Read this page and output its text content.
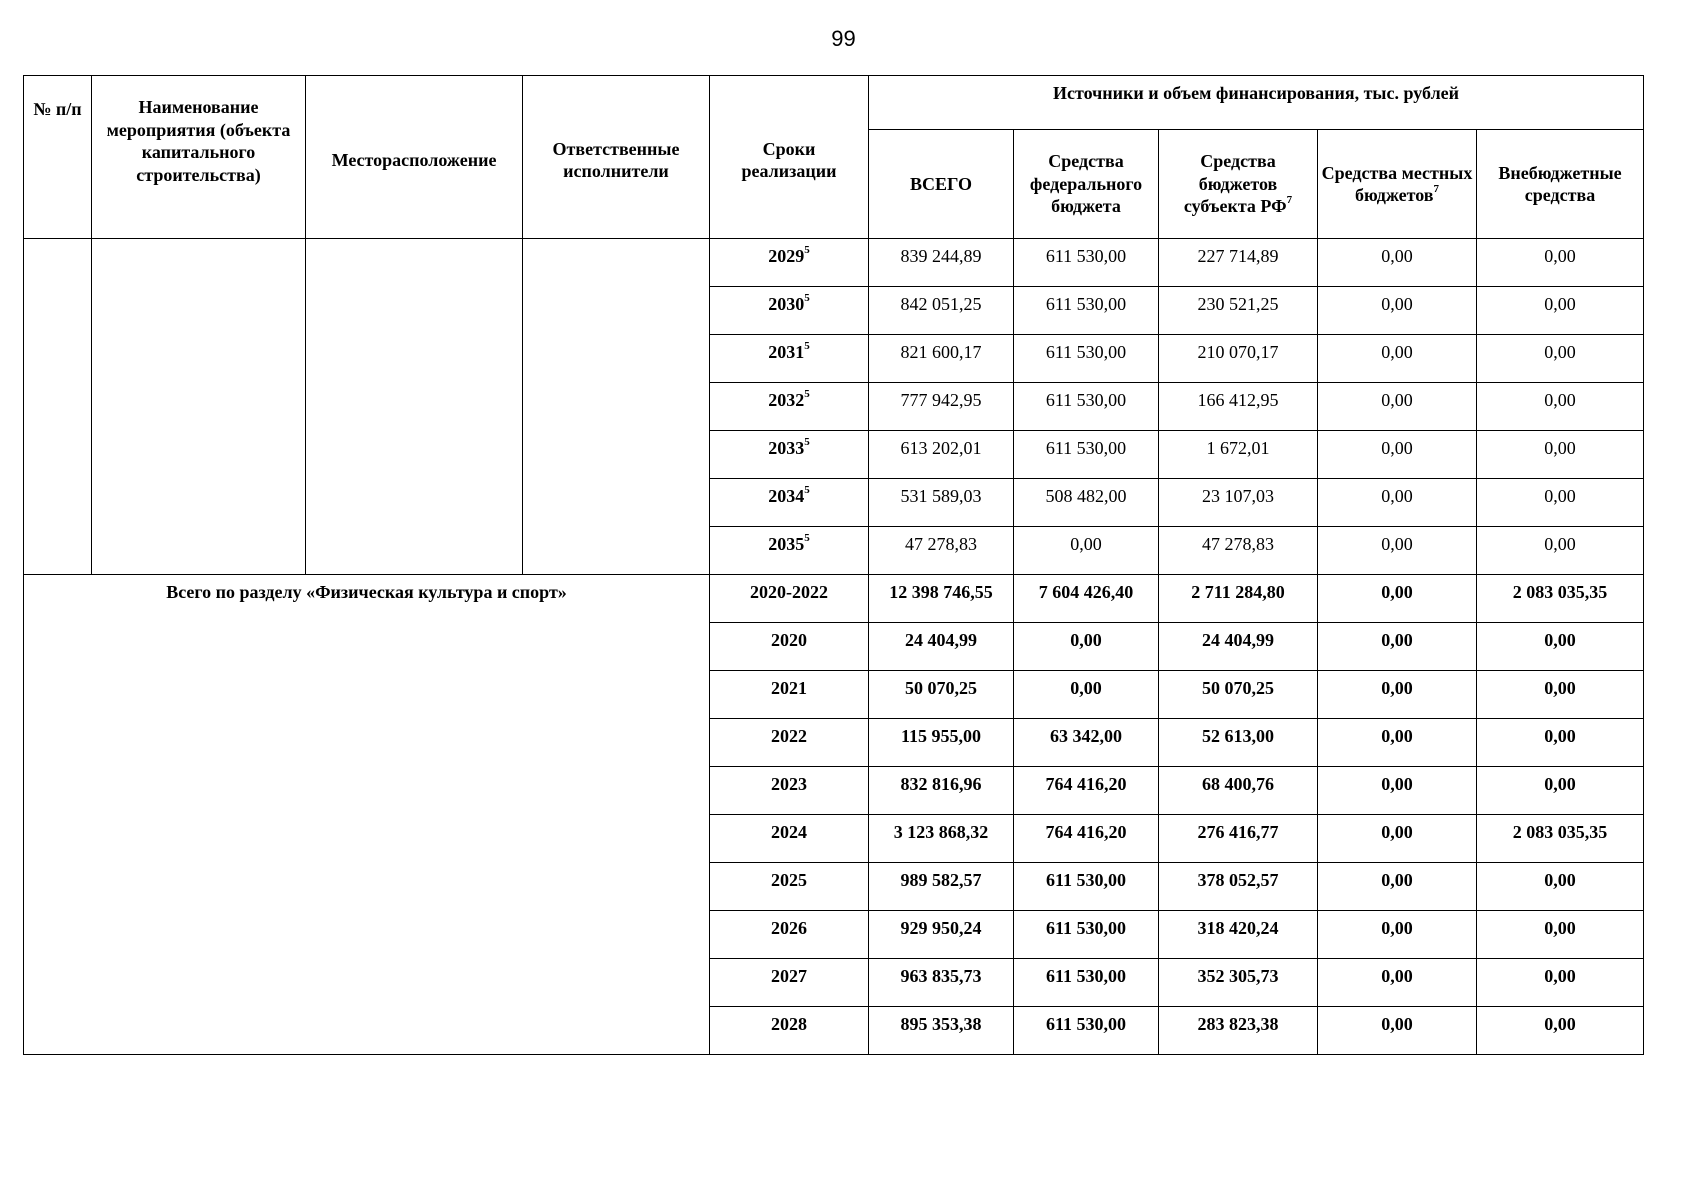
99
№ п/п	Наименование мероприятия (объекта капитального строительства)	Месторасположение	Ответственные исполнители	Сроки реализации	Источники и объем финансирования, тыс. рублей				
					ВСЕГО	Средства федерального бюджета	Средства бюджетов субъекта $РФ^7$	Средства местных бюджетов$^7$	Внебюджетные средства
				2029$^5$	839 244,89	611 530,00	227 714,89	0,00	0,00
				2030$^5$	842 051,25	611 530,00	230 521,25	0,00	0,00
				2031$^5$	821 600,17	611 530,00	210 070,17	0,00	0,00
				2032$^5$	777 942,95	611 530,00	166 412,95	0,00	0,00
				2033$^5$	613 202,01	611 530,00	1 672,01	0,00	0,00
				2034$^5$	531 589,03	508 482,00	23 107,03	0,00	0,00
				2035$^5$	47 278,83	0,00	47 278,83	0,00	0,00
Всего по разделу «Физическая культура и спорт»				2020-2022	12 398 746,55	7 604 426,40	2 711 284,80	0,00	2 083 035,35
				2020	24 404,99	0,00	24 404,99	0,00	0,00
				2021	50 070,25	0,00	50 070,25	0,00	0,00
				2022	115 955,00	63 342,00	52 613,00	0,00	0,00
				2023	832 816,96	764 416,20	68 400,76	0,00	0,00
				2024	3 123 868,32	764 416,20	276 416,77	0,00	2 083 035,35
				2025	989 582,57	611 530,00	378 052,57	0,00	0,00
				2026	929 950,24	611 530,00	318 420,24	0,00	0,00
				2027	963 835,73	611 530,00	352 305,73	0,00	0,00
				2028	895 353,38	611 530,00	283 823,38	0,00	0,00
